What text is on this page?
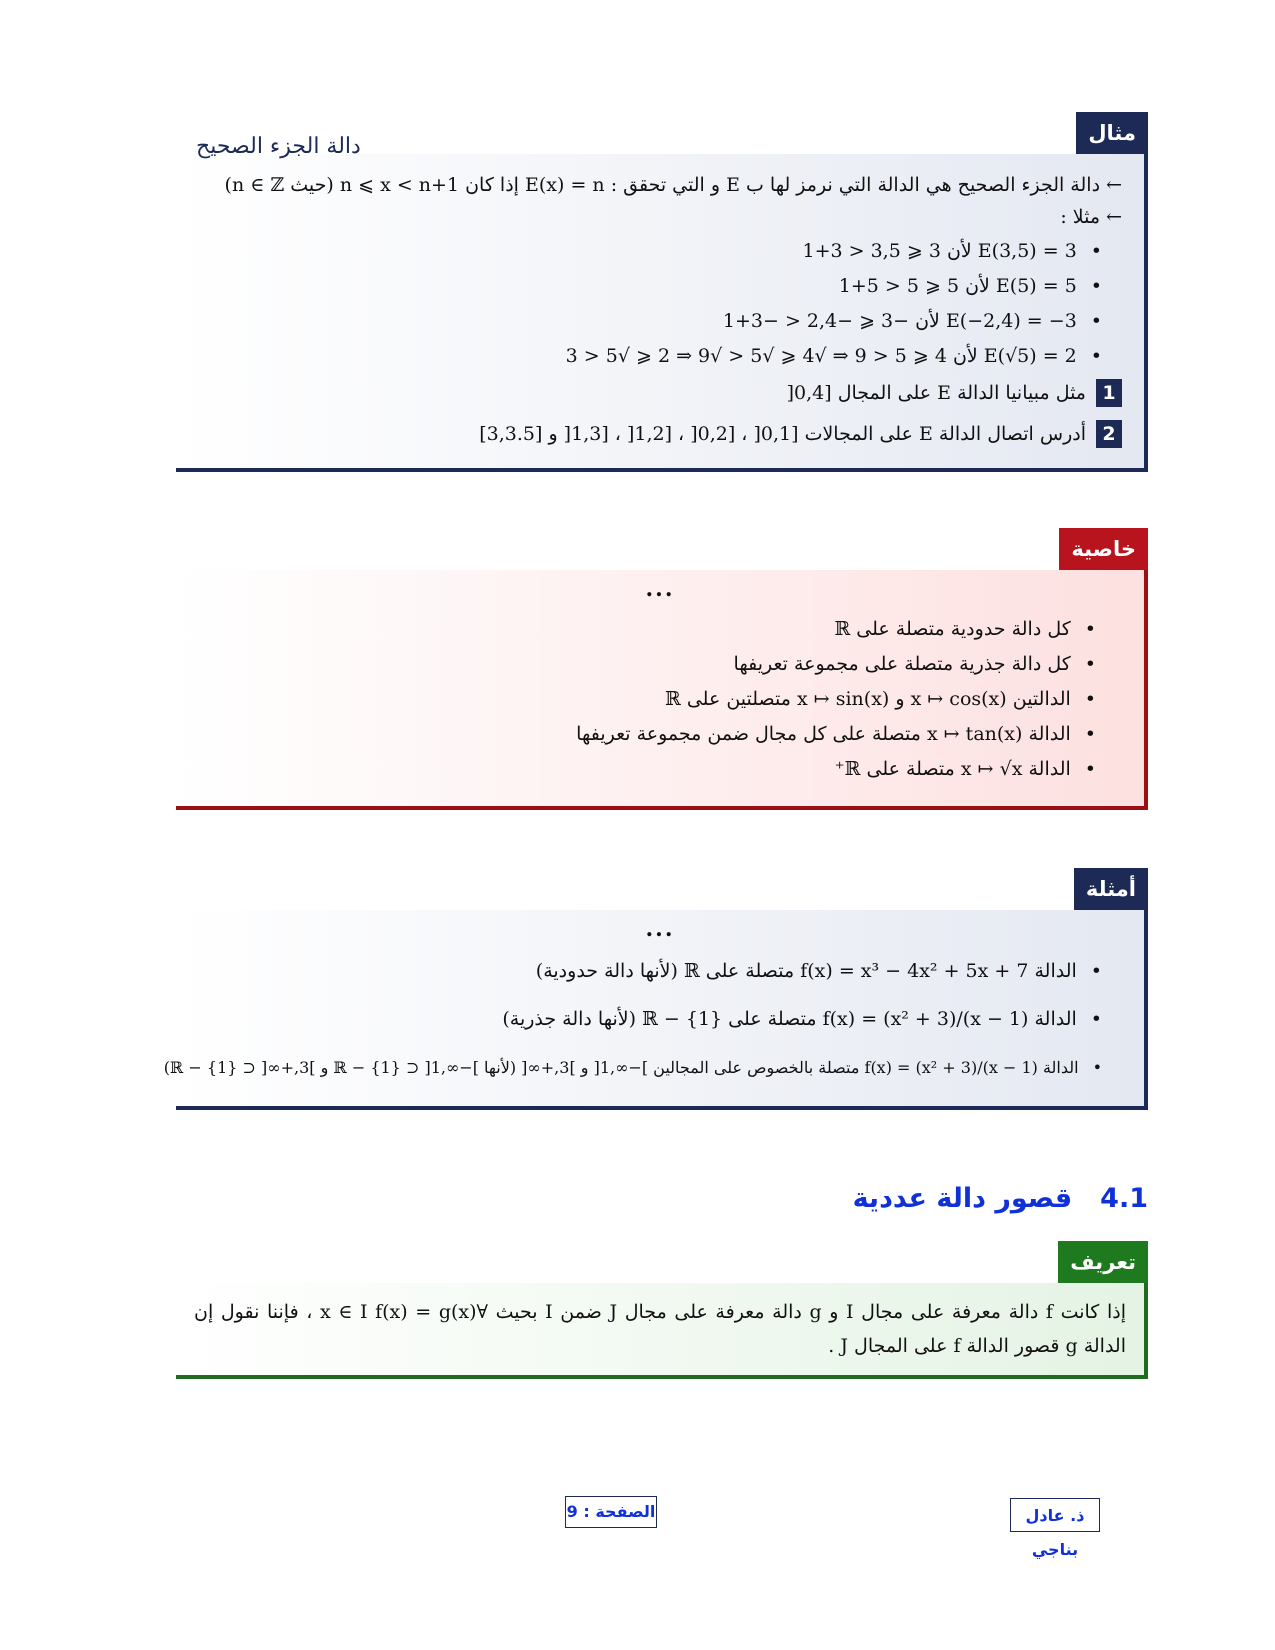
مثال
دالة الجزء الصحيح
← دالة الجزء الصحيح هي الدالة التي نرمز لها ب E و التي تحقق : E(x) = n إذا كان n ⩽ x < n+1 (حيث n ∈ ℤ)
← مثلا :
• E(3,5) = 3 لأن 3 ⩽ 3,5 < 3+1
• E(5) = 5 لأن 5 ⩽ 5 < 5+1
• E(−2,4) = −3 لأن −3 ⩽ −2,4 < −3+1
• E(√5) = 2 لأن 4 ⩽ 5 < 9 ⇒ √4 ⩽ √5 < √9 ⇒ 2 ⩽ √5 < 3
1مثل مبيانيا الدالة E على المجال [0,4[
2أدرس اتصال الدالة E على المجالات [0,1[ ، [0,2[ ، [1,2[ ، [1,3[ و [3,3.5]
خاصية
...
• كل دالة حدودية متصلة على ℝ
• كل دالة جذرية متصلة على مجموعة تعريفها
• الدالتين x ↦ cos(x) و x ↦ sin(x) متصلتين على ℝ
• الدالة x ↦ tan(x) متصلة على كل مجال ضمن مجموعة تعريفها
• الدالة x ↦ √x متصلة على ℝ⁺
أمثلة
...
• الدالة f(x) = x³ − 4x² + 5x + 7 متصلة على ℝ (لأنها دالة حدودية)
• الدالة f(x) = (x² + 3)/(x − 1) متصلة على ℝ − {1} (لأنها دالة جذرية)
• الدالة f(x) = (x² + 3)/(x − 1) متصلة بالخصوص على المجالين ]−∞,1[ و ]3,+∞[ (لأنها ]−∞,1[ ⊂ ℝ − {1} و ]3,+∞[ ⊂ ℝ − {1})
4.1قصور دالة عددية
تعريف
إذا كانت f دالة معرفة على مجال I و g دالة معرفة على مجال J ضمن I بحيث ∀x ∈ I f(x) = g(x) ، فإننا نقول إن الدالة g قصور الدالة f على المجال J .
ذ. عادل بناجي
الصفحة : 9
